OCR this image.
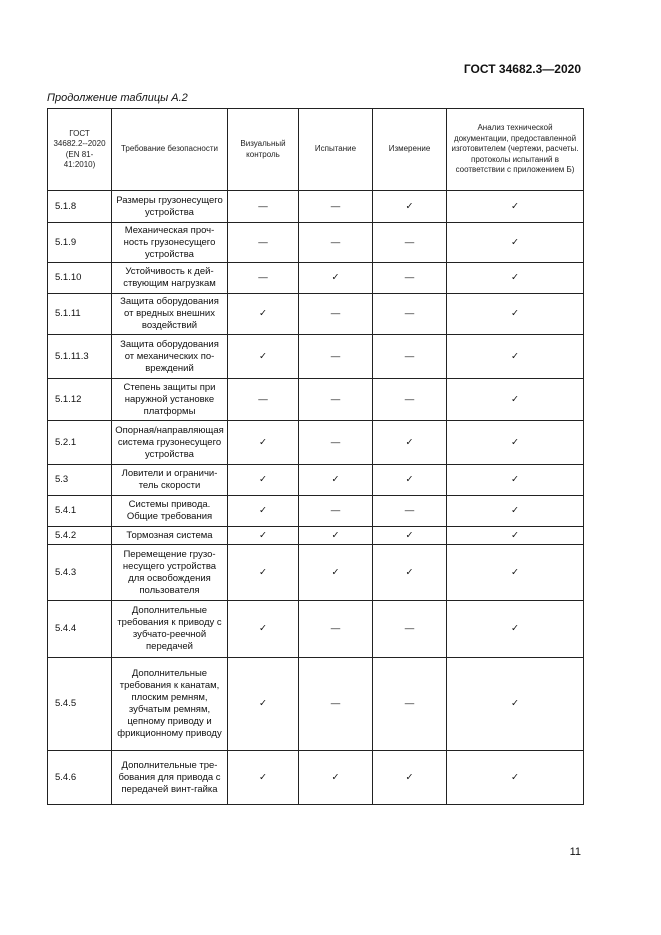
ГОСТ 34682.3—2020
Продолжение таблицы А.2
ГОСТ 34682.2--2020 (EN 81-41:2010)	Требование безопасности	Визуальный контроль	Испытание	Измерение	Анализ технической документации, предоставленной изготовителем (чертежи, расчеты. протоколы испытаний в соответствии с приложением Б)
5.1.8	Размеры грузонесущего устройства	—	—	✓	✓
5.1.9	Механическая прочность грузонесущего устройства	—	—	—	✓
5.1.10	Устойчивость к действующим нагрузкам	—	✓	—	✓
5.1.11	Защита оборудования от вредных внешних воздействий	✓	—	—	✓
5.1.11.3	Защита оборудования от механических повреждений	✓	—	—	✓
5.1.12	Степень защиты при наружной установке платформы	—	—	—	✓
5.2.1	Опорная/направляющая система грузонесущего устройства	✓	—	✓	✓
5.3	Ловители и ограничитель скорости	✓	✓	✓	✓
5.4.1	Системы привода. Общие требования	✓	—	—	✓
5.4.2	Тормозная система	✓	✓	✓	✓
5.4.3	Перемещение грузонесущего устройства для освобождения пользователя	✓	✓	✓	✓
5.4.4	Дополнительные требования к приводу с зубчато-реечной передачей	✓	—	—	✓
5.4.5	Дополнительные требования к канатам, плоским ремням, зубчатым ремням, цепному приводу и фрикционному приводу	✓	—	—	✓
5.4.6	Дополнительные требования для привода с передачей винт-гайка	✓	✓	✓	✓
11
